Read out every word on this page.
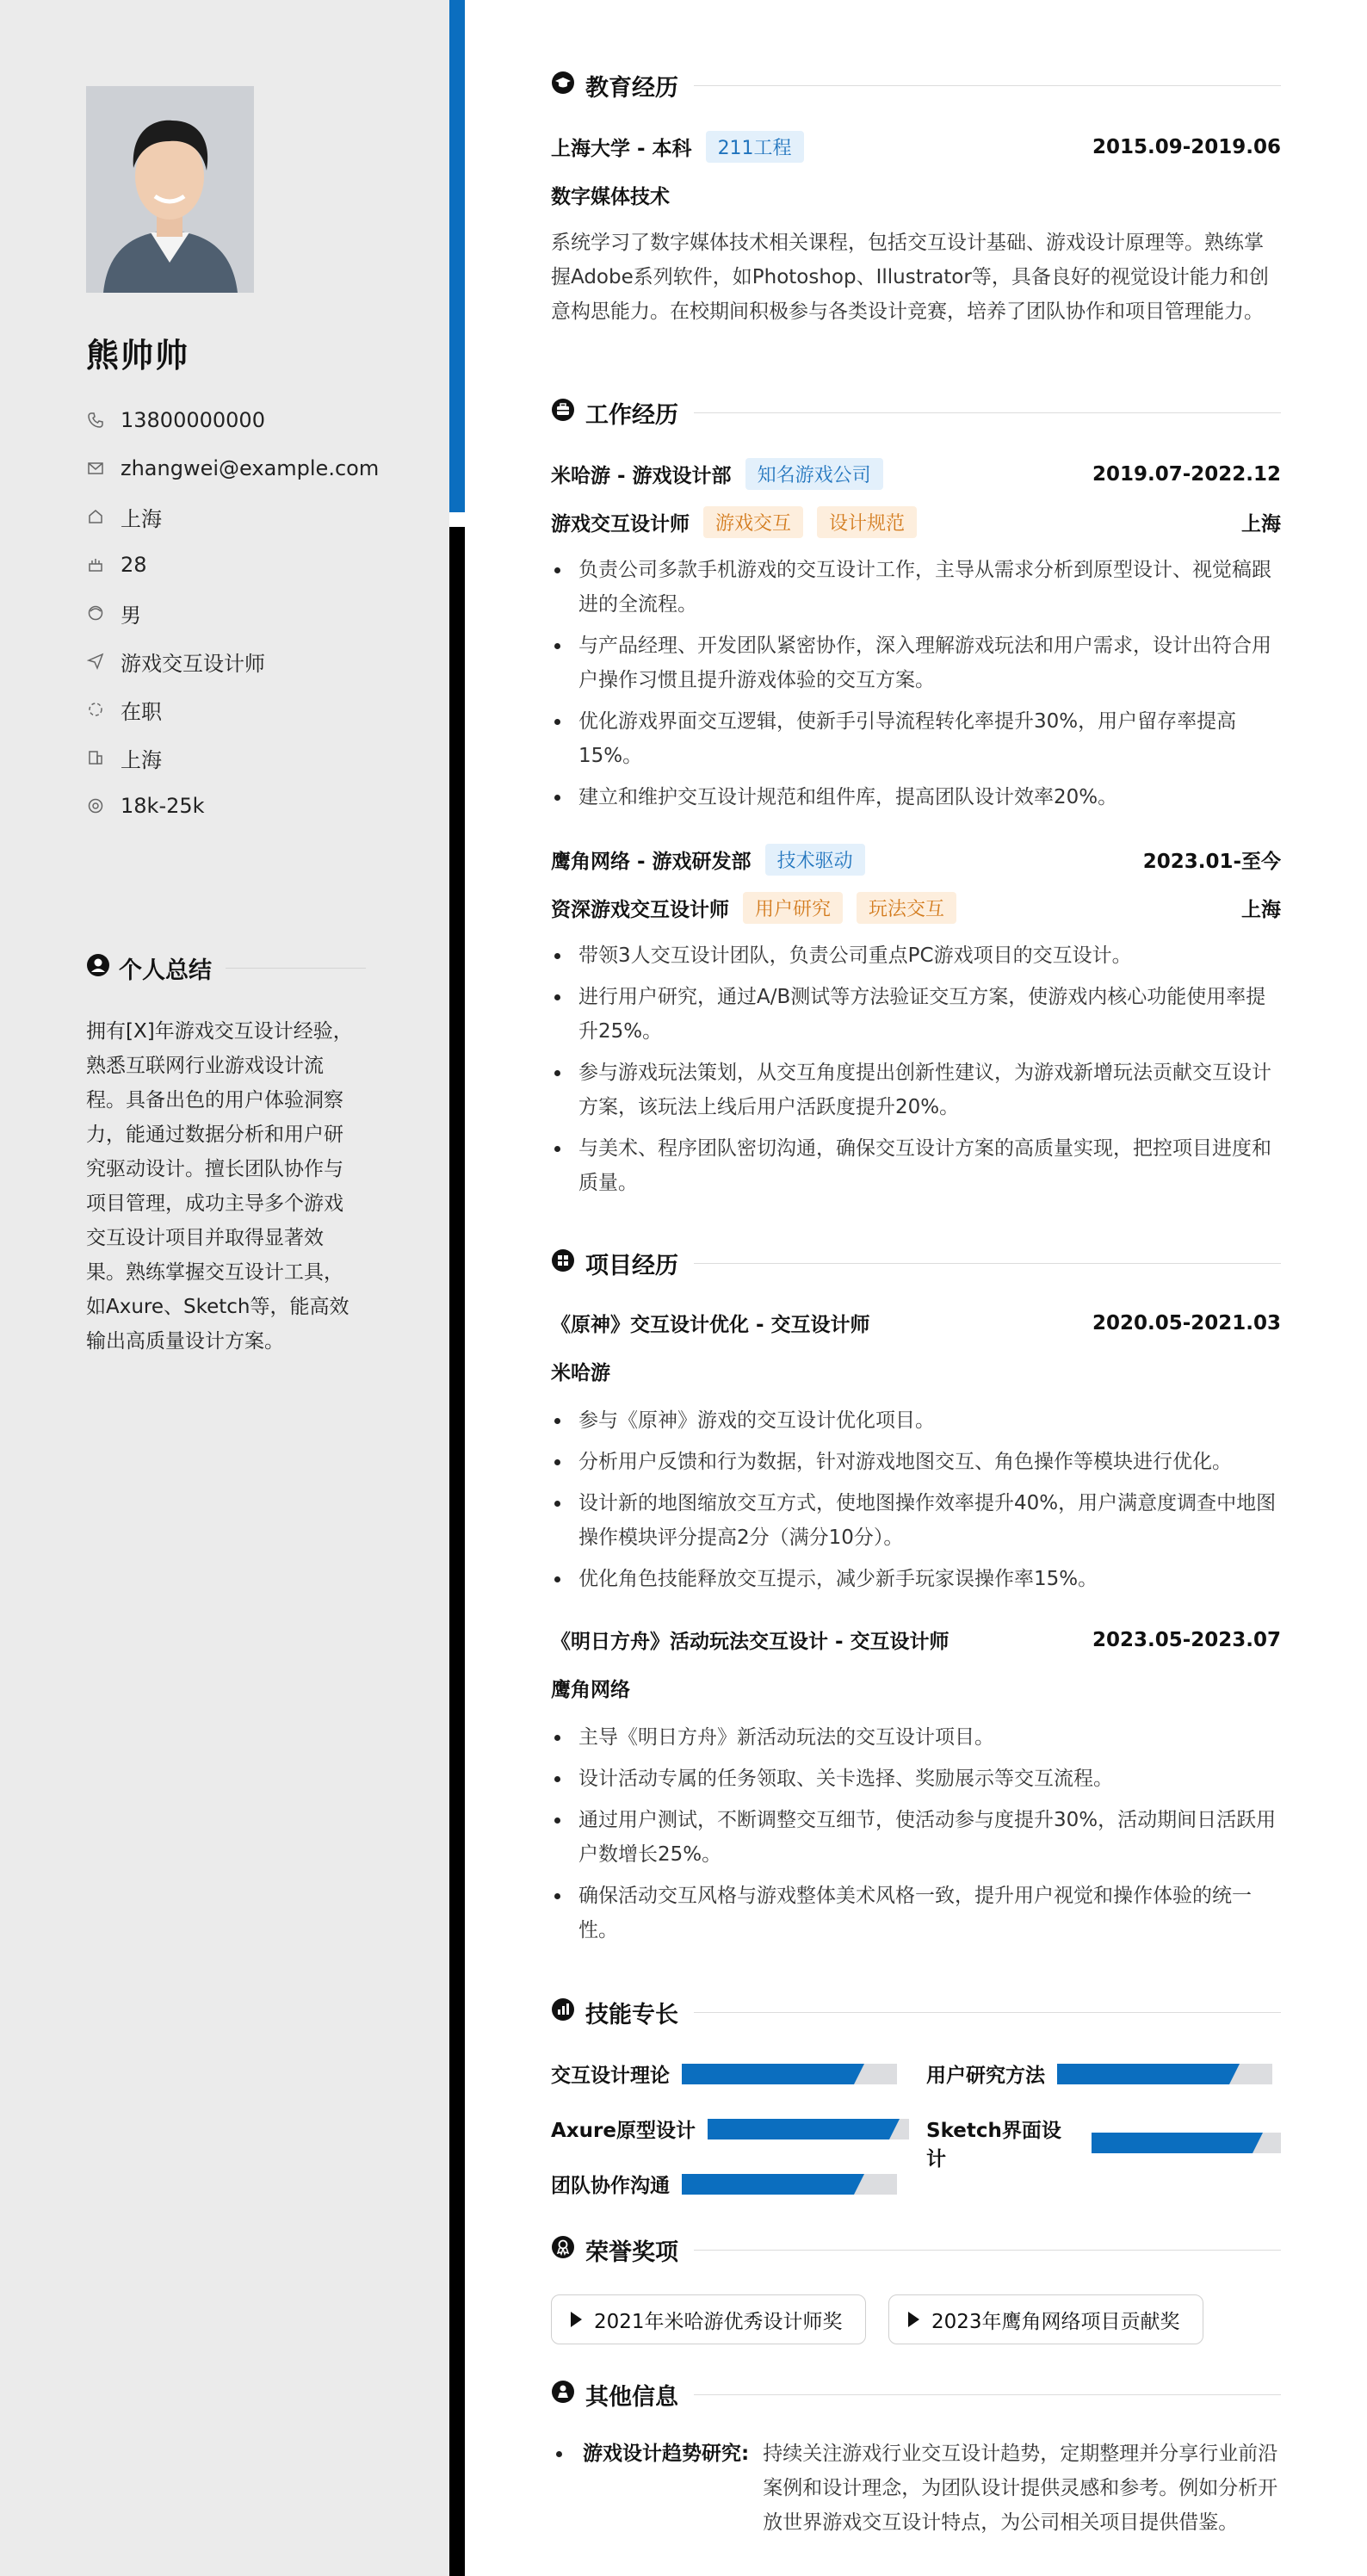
熊帅帅
13800000000
zhangwei@example.com
上海
28
男
游戏交互设计师
在职
上海
18k-25k
个人总结
拥有[X]年游戏交互设计经验，熟悉互联网行业游戏设计流程。具备出色的用户体验洞察力，能通过数据分析和用户研究驱动设计。擅长团队协作与项目管理，成功主导多个游戏交互设计项目并取得显著效果。熟练掌握交互设计工具，如Axure、Sketch等，能高效输出高质量设计方案。
教育经历
上海大学 - 本科	211工程	2015.09-2019.06
数字媒体技术
系统学习了数字媒体技术相关课程，包括交互设计基础、游戏设计原理等。熟练掌握Adobe系列软件，如Photoshop、Illustrator等，具备良好的视觉设计能力和创意构思能力。在校期间积极参与各类设计竞赛，培养了团队协作和项目管理能力。
工作经历
米哈游 - 游戏设计部	知名游戏公司	2019.07-2022.12
游戏交互设计师	游戏交互	设计规范	上海
负责公司多款手机游戏的交互设计工作，主导从需求分析到原型设计、视觉稿跟进的全流程。
与产品经理、开发团队紧密协作，深入理解游戏玩法和用户需求，设计出符合用户操作习惯且提升游戏体验的交互方案。
优化游戏界面交互逻辑，使新手引导流程转化率提升30%，用户留存率提高15%。
建立和维护交互设计规范和组件库，提高团队设计效率20%。
鹰角网络 - 游戏研发部	技术驱动	2023.01-至今
资深游戏交互设计师	用户研究	玩法交互	上海
带领3人交互设计团队，负责公司重点PC游戏项目的交互设计。
进行用户研究，通过A/B测试等方法验证交互方案，使游戏内核心功能使用率提升25%。
参与游戏玩法策划，从交互角度提出创新性建议，为游戏新增玩法贡献交互设计方案，该玩法上线后用户活跃度提升20%。
与美术、程序团队密切沟通，确保交互设计方案的高质量实现，把控项目进度和质量。
项目经历
《原神》交互设计优化 - 交互设计师	2020.05-2021.03
米哈游
参与《原神》游戏的交互设计优化项目。
分析用户反馈和行为数据，针对游戏地图交互、角色操作等模块进行优化。
设计新的地图缩放交互方式，使地图操作效率提升40%，用户满意度调查中地图操作模块评分提高2分（满分10分）。
优化角色技能释放交互提示，减少新手玩家误操作率15%。
《明日方舟》活动玩法交互设计 - 交互设计师	2023.05-2023.07
鹰角网络
主导《明日方舟》新活动玩法的交互设计项目。
设计活动专属的任务领取、关卡选择、奖励展示等交互流程。
通过用户测试，不断调整交互细节，使活动参与度提升30%，活动期间日活跃用户数增长25%。
确保活动交互风格与游戏整体美术风格一致，提升用户视觉和操作体验的统一性。
技能专长
交互设计理论	用户研究方法
Axure原型设计	Sketch界面设计
团队协作沟通
荣誉奖项
2021年米哈游优秀设计师奖	2023年鹰角网络项目贡献奖
其他信息
游戏设计趋势研究: 持续关注游戏行业交互设计趋势，定期整理并分享行业前沿案例和设计理念，为团队设计提供灵感和参考。例如分析开放世界游戏交互设计特点，为公司相关项目提供借鉴。
